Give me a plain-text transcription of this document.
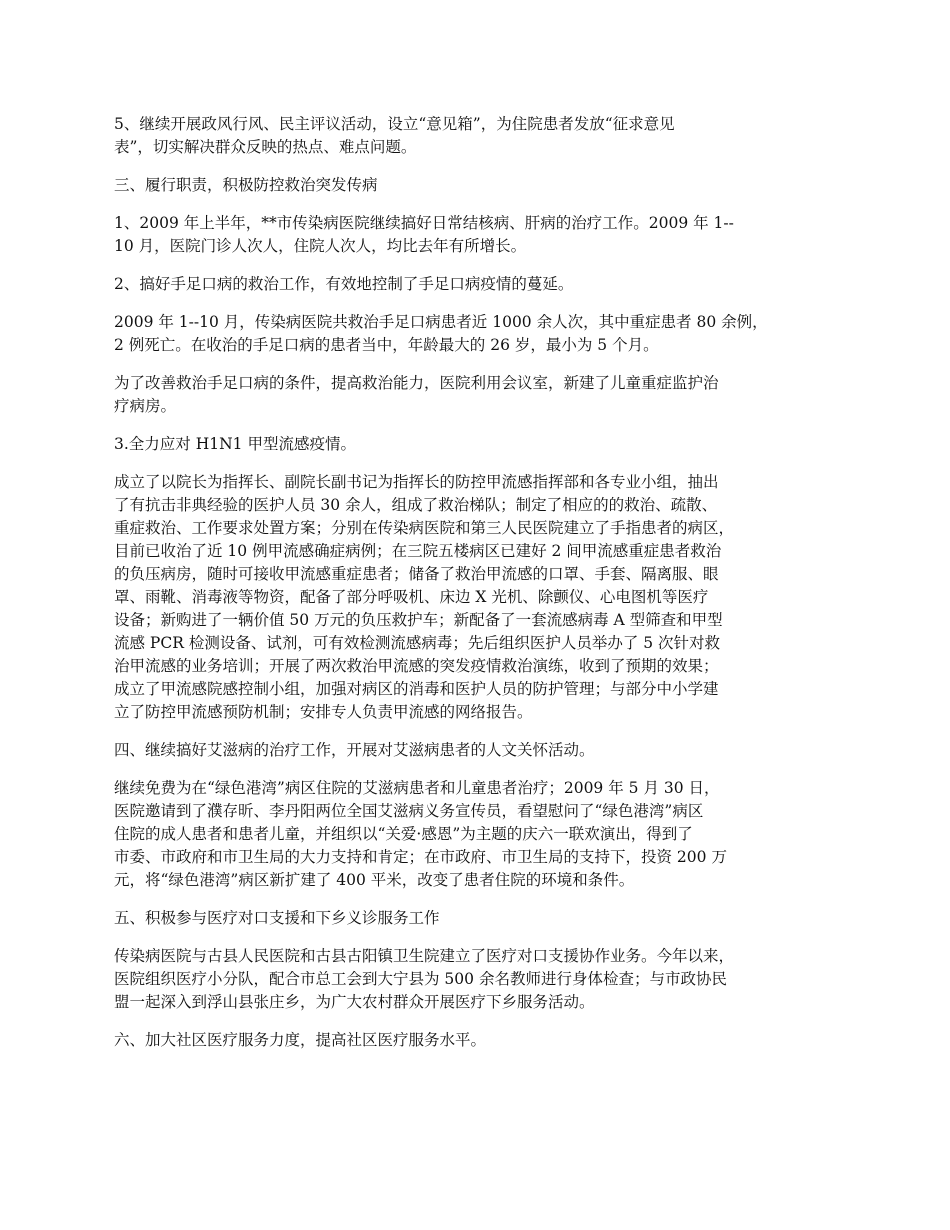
5、继续开展政风行风、民主评议活动，设立“意见箱”，为住院患者发放“征求意见
表”，切实解决群众反映的热点、难点问题。

三、履行职责，积极防控救治突发传病

1、2009 年上半年，**市传染病医院继续搞好日常结核病、肝病的治疗工作。2009 年 1--
10 月，医院门诊人次人，住院人次人，均比去年有所增长。

2、搞好手足口病的救治工作，有效地控制了手足口病疫情的蔓延。

2009 年 1--10 月，传染病医院共救治手足口病患者近 1000 余人次，其中重症患者 80 余例，
2 例死亡。在收治的手足口病的患者当中，年龄最大的 26 岁，最小为 5 个月。

为了改善救治手足口病的条件，提高救治能力，医院利用会议室，新建了儿童重症监护治
疗病房。

3.全力应对 H1N1 甲型流感疫情。

成立了以院长为指挥长、副院长副书记为指挥长的防控甲流感指挥部和各专业小组，抽出
了有抗击非典经验的医护人员 30 余人，组成了救治梯队；制定了相应的的救治、疏散、
重症救治、工作要求处置方案；分别在传染病医院和第三人民医院建立了手指患者的病区，
目前已收治了近 10 例甲流感确症病例；在三院五楼病区已建好 2 间甲流感重症患者救治
的负压病房，随时可接收甲流感重症患者；储备了救治甲流感的口罩、手套、隔离服、眼
罩、雨靴、消毒液等物资，配备了部分呼吸机、床边 X 光机、除颤仪、心电图机等医疗
设备；新购进了一辆价值 50 万元的负压救护车；新配备了一套流感病毒 A 型筛查和甲型
流感 PCR 检测设备、试剂，可有效检测流感病毒；先后组织医护人员举办了 5 次针对救
治甲流感的业务培训；开展了两次救治甲流感的突发疫情救治演练，收到了预期的效果；
成立了甲流感院感控制小组，加强对病区的消毒和医护人员的防护管理；与部分中小学建
立了防控甲流感预防机制；安排专人负责甲流感的网络报告。

四、继续搞好艾滋病的治疗工作，开展对艾滋病患者的人文关怀活动。

继续免费为在“绿色港湾”病区住院的艾滋病患者和儿童患者治疗；2009 年 5 月 30 日，
医院邀请到了濮存昕、李丹阳两位全国艾滋病义务宣传员，看望慰问了“绿色港湾”病区
住院的成人患者和患者儿童，并组织以“关爱·感恩”为主题的庆六一联欢演出，得到了
市委、市政府和市卫生局的大力支持和肯定；在市政府、市卫生局的支持下，投资 200 万
元，将“绿色港湾”病区新扩建了 400 平米，改变了患者住院的环境和条件。

五、积极参与医疗对口支援和下乡义诊服务工作

传染病医院与古县人民医院和古县古阳镇卫生院建立了医疗对口支援协作业务。今年以来，
医院组织医疗小分队，配合市总工会到大宁县为 500 余名教师进行身体检查；与市政协民
盟一起深入到浮山县张庄乡，为广大农村群众开展医疗下乡服务活动。

六、加大社区医疗服务力度，提高社区医疗服务水平。
